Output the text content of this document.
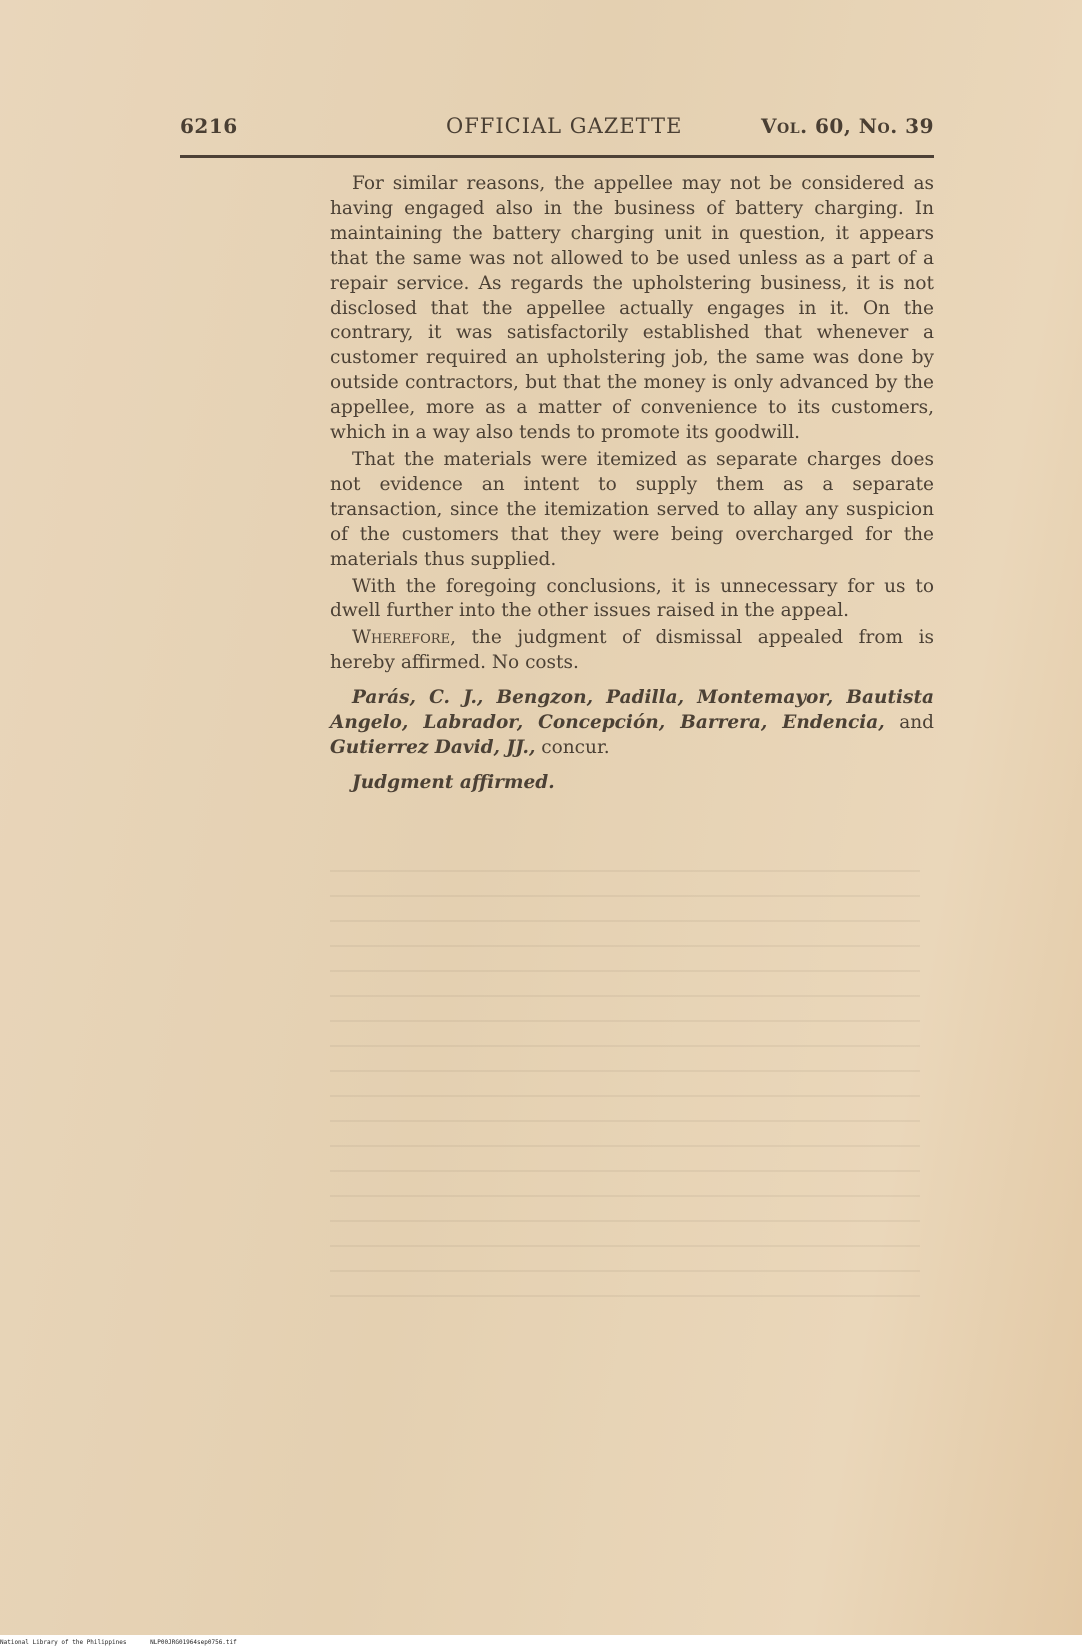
6216	OFFICIAL GAZETTE	Vol. 60, No. 39

For similar reasons, the appellee may not be considered as having engaged also in the business of battery charging. In maintaining the battery charging unit in question, it appears that the same was not allowed to be used unless as a part of a repair service. As regards the upholstering business, it is not disclosed that the appellee actually engages in it. On the contrary, it was satisfactorily established that whenever a customer required an upholstering job, the same was done by outside contractors, but that the money is only advanced by the appellee, more as a matter of convenience to its customers, which in a way also tends to promote its goodwill.

That the materials were itemized as separate charges does not evidence an intent to supply them as a separate transaction, since the itemization served to allay any suspicion of the customers that they were being overcharged for the materials thus supplied.

With the foregoing conclusions, it is unnecessary for us to dwell further into the other issues raised in the appeal.

Wherefore, the judgment of dismissal appealed from is hereby affirmed. No costs.

Parás, C. J., Bengzon, Padilla, Montemayor, Bautista Angelo, Labrador, Concepción, Barrera, Endencia, and Gutierrez David, JJ., concur.

Judgment affirmed.

National Library of the Philippines	NLP00JRG01964sep0756.tif
